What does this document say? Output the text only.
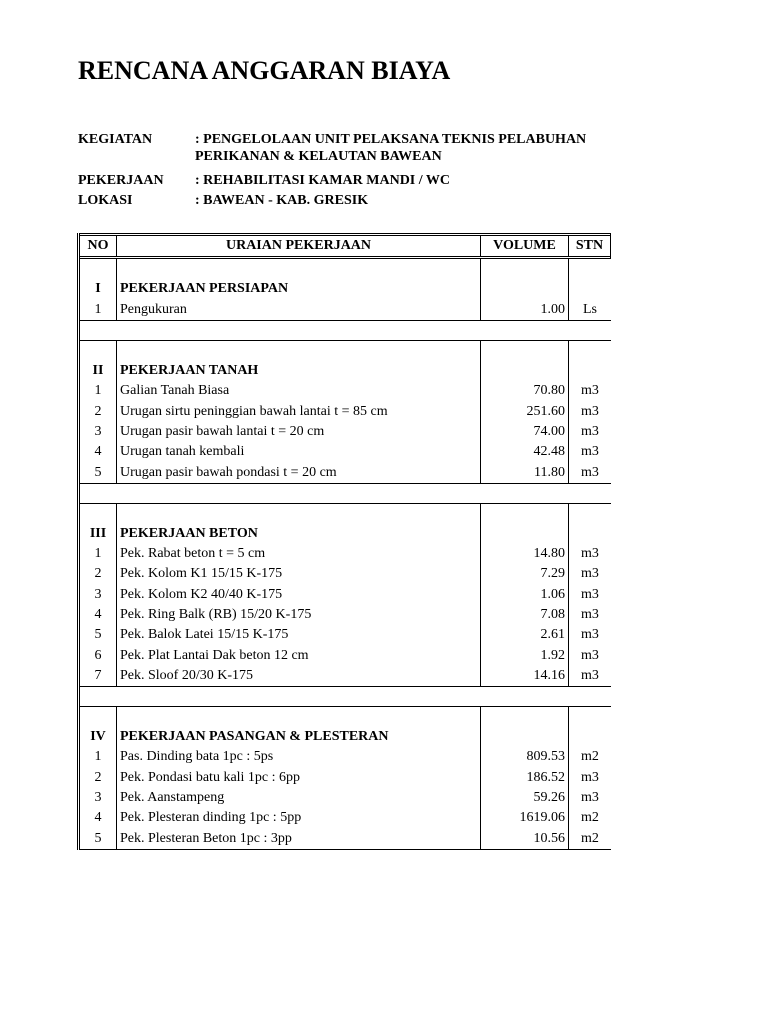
RENCANA ANGGARAN BIAYA
KEGIATAN	: PENGELOLAAN UNIT PELAKSANA TEKNIS PELABUHAN
PERIKANAN & KELAUTAN BAWEAN
PEKERJAAN : REHABILITASI KAMAR MANDI / WC
LOKASI	: BAWEAN - KAB. GRESIK
NO	URAIAN PEKERJAAN	VOLUME	STN

I	PEKERJAAN PERSIAPAN		
1	Pengukuran	1.00	Ls

II	PEKERJAAN TANAH		
1	Galian Tanah Biasa	70.80	m3
2	Urugan sirtu peninggian bawah lantai t = 85 cm	251.60	m3
3	Urugan pasir bawah lantai t = 20 cm	74.00	m3
4	Urugan tanah kembali	42.48	m3
5	Urugan pasir bawah pondasi t = 20 cm	11.80	m3

III	PEKERJAAN BETON		
1	Pek. Rabat beton t = 5 cm	14.80	m3
2	Pek. Kolom K1 15/15 K-175	7.29	m3
3	Pek. Kolom K2 40/40 K-175	1.06	m3
4	Pek. Ring Balk (RB) 15/20 K-175	7.08	m3
5	Pek. Balok Latei 15/15 K-175	2.61	m3
6	Pek. Plat Lantai Dak beton 12 cm	1.92	m3
7	Pek. Sloof 20/30 K-175	14.16	m3

IV	PEKERJAAN PASANGAN & PLESTERAN		
1	Pas. Dinding bata 1pc : 5ps	809.53	m2
2	Pek. Pondasi batu kali 1pc : 6pp	186.52	m3
3	Pek. Aanstampeng	59.26	m3
4	Pek. Plesteran dinding 1pc : 5pp	1619.06	m2
5	Pek. Plesteran Beton 1pc : 3pp	10.56	m2
